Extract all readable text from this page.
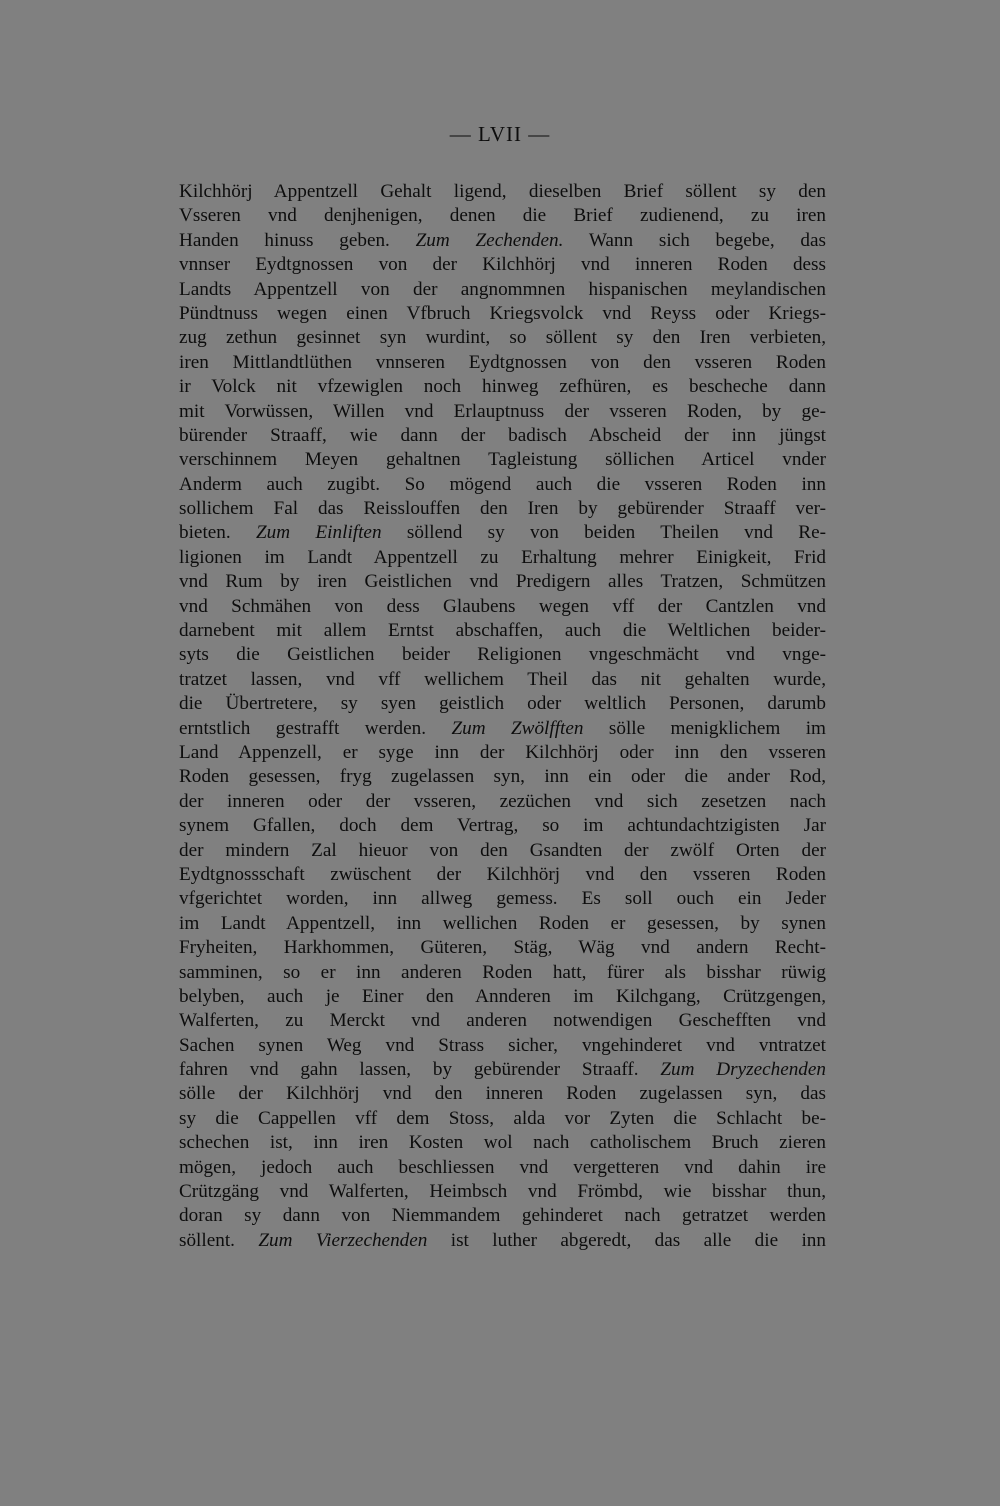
— LVII —
Kilchhörj Appentzell Gehalt ligend, dieselben Brief söllent sy den
Vsseren vnd denjhenigen, denen die Brief zudienend, zu iren
Handen hinuss geben. Zum Zechenden. Wann sich begebe, das
vnnser Eydtgnossen von der Kilchhörj vnd inneren Roden dess
Landts Appentzell von der angnommnen hispanischen meylandischen
Pündtnuss wegen einen Vfbruch Kriegsvolck vnd Reyss oder Kriegs-
zug zethun gesinnet syn wurdint, so söllent sy den Iren verbieten,
iren Mittlandtlüthen vnnseren Eydtgnossen von den vsseren Roden
ir Volck nit vfzewiglen noch hinweg zefhüren, es bescheche dann
mit Vorwüssen, Willen vnd Erlauptnuss der vsseren Roden, by ge-
bürender Straaff, wie dann der badisch Abscheid der inn jüngst
verschinnem Meyen gehaltnen Tagleistung söllichen Articel vnder
Anderm auch zugibt. So mögend auch die vsseren Roden inn
sollichem Fal das Reisslouffen den Iren by gebürender Straaff ver-
bieten. Zum Einliften söllend sy von beiden Theilen vnd Re-
ligionen im Landt Appentzell zu Erhaltung mehrer Einigkeit, Frid
vnd Rum by iren Geistlichen vnd Predigern alles Tratzen, Schmützen
vnd Schmähen von dess Glaubens wegen vff der Cantzlen vnd
darnebent mit allem Erntst abschaffen, auch die Weltlichen beider-
syts die Geistlichen beider Religionen vngeschmächt vnd vnge-
tratzet lassen, vnd vff wellichem Theil das nit gehalten wurde,
die Übertretere, sy syen geistlich oder weltlich Personen, darumb
erntstlich gestrafft werden. Zum Zwölfften sölle menigklichem im
Land Appenzell, er syge inn der Kilchhörj oder inn den vsseren
Roden gesessen, fryg zugelassen syn, inn ein oder die ander Rod,
der inneren oder der vsseren, zezüchen vnd sich zesetzen nach
synem Gfallen, doch dem Vertrag, so im achtundachtzigisten Jar
der mindern Zal hieuor von den Gsandten der zwölf Orten der
Eydtgnossschaft zwüschent der Kilchhörj vnd den vsseren Roden
vfgerichtet worden, inn allweg gemess. Es soll ouch ein Jeder
im Landt Appentzell, inn wellichen Roden er gesessen, by synen
Fryheiten, Harkhommen, Güteren, Stäg, Wäg vnd andern Recht-
samminen, so er inn anderen Roden hatt, fürer als bisshar rüwig
belyben, auch je Einer den Annderen im Kilchgang, Crützgengen,
Walferten, zu Merckt vnd anderen notwendigen Geschefften vnd
Sachen synen Weg vnd Strass sicher, vngehinderet vnd vntratzet
fahren vnd gahn lassen, by gebürender Straaff. Zum Dryzechenden
sölle der Kilchhörj vnd den inneren Roden zugelassen syn, das
sy die Cappellen vff dem Stoss, alda vor Zyten die Schlacht be-
schechen ist, inn iren Kosten wol nach catholischem Bruch zieren
mögen, jedoch auch beschliessen vnd vergetteren vnd dahin ire
Crützgäng vnd Walferten, Heimbsch vnd Frömbd, wie bisshar thun,
doran sy dann von Niemmandem gehinderet nach getratzet werden
söllent. Zum Vierzechenden ist luther abgeredt, das alle die inn
